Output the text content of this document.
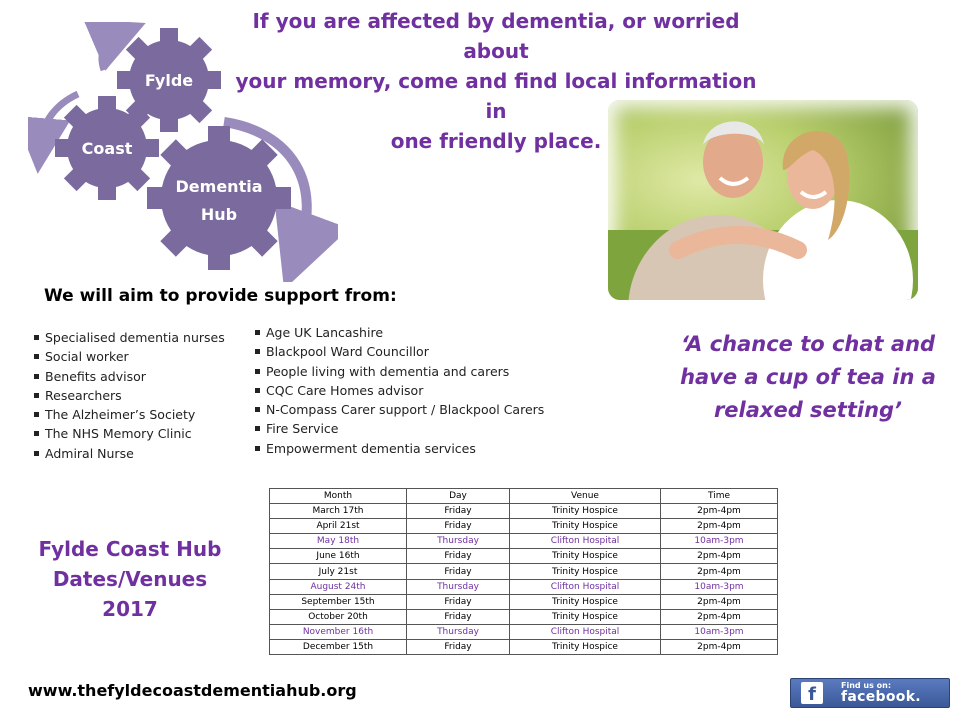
If you are affected by dementia, or worried about
your memory, come and find local information in
one friendly place.
Fylde
Coast
Dementia
Hub
We will aim to provide support from:
Specialised dementia nurses
Social worker
Benefits advisor
Researchers
The Alzheimer’s Society
The NHS Memory Clinic
Admiral Nurse
Age UK Lancashire
Blackpool Ward Councillor
People living with dementia and carers
CQC Care Homes advisor
N-Compass Carer support / Blackpool Carers
Fire Service
Empowerment dementia services
‘A chance to chat and
have a cup of tea in a
relaxed setting’
Fylde Coast Hub
Dates/Venues
2017
Month	Day	Venue	Time
March 17th	Friday	Trinity Hospice	2pm-4pm
April 21st	Friday	Trinity Hospice	2pm-4pm
May 18th	Thursday	Clifton Hospital	10am-3pm
June 16th	Friday	Trinity Hospice	2pm-4pm
July 21st	Friday	Trinity Hospice	2pm-4pm
August 24th	Thursday	Clifton Hospital	10am-3pm
September 15th	Friday	Trinity Hospice	2pm-4pm
October 20th	Friday	Trinity Hospice	2pm-4pm
November 16th	Thursday	Clifton Hospital	10am-3pm
December 15th	Friday	Trinity Hospice	2pm-4pm
www.thefyldecoastdementiahub.org	f	Find us on:
facebook.
